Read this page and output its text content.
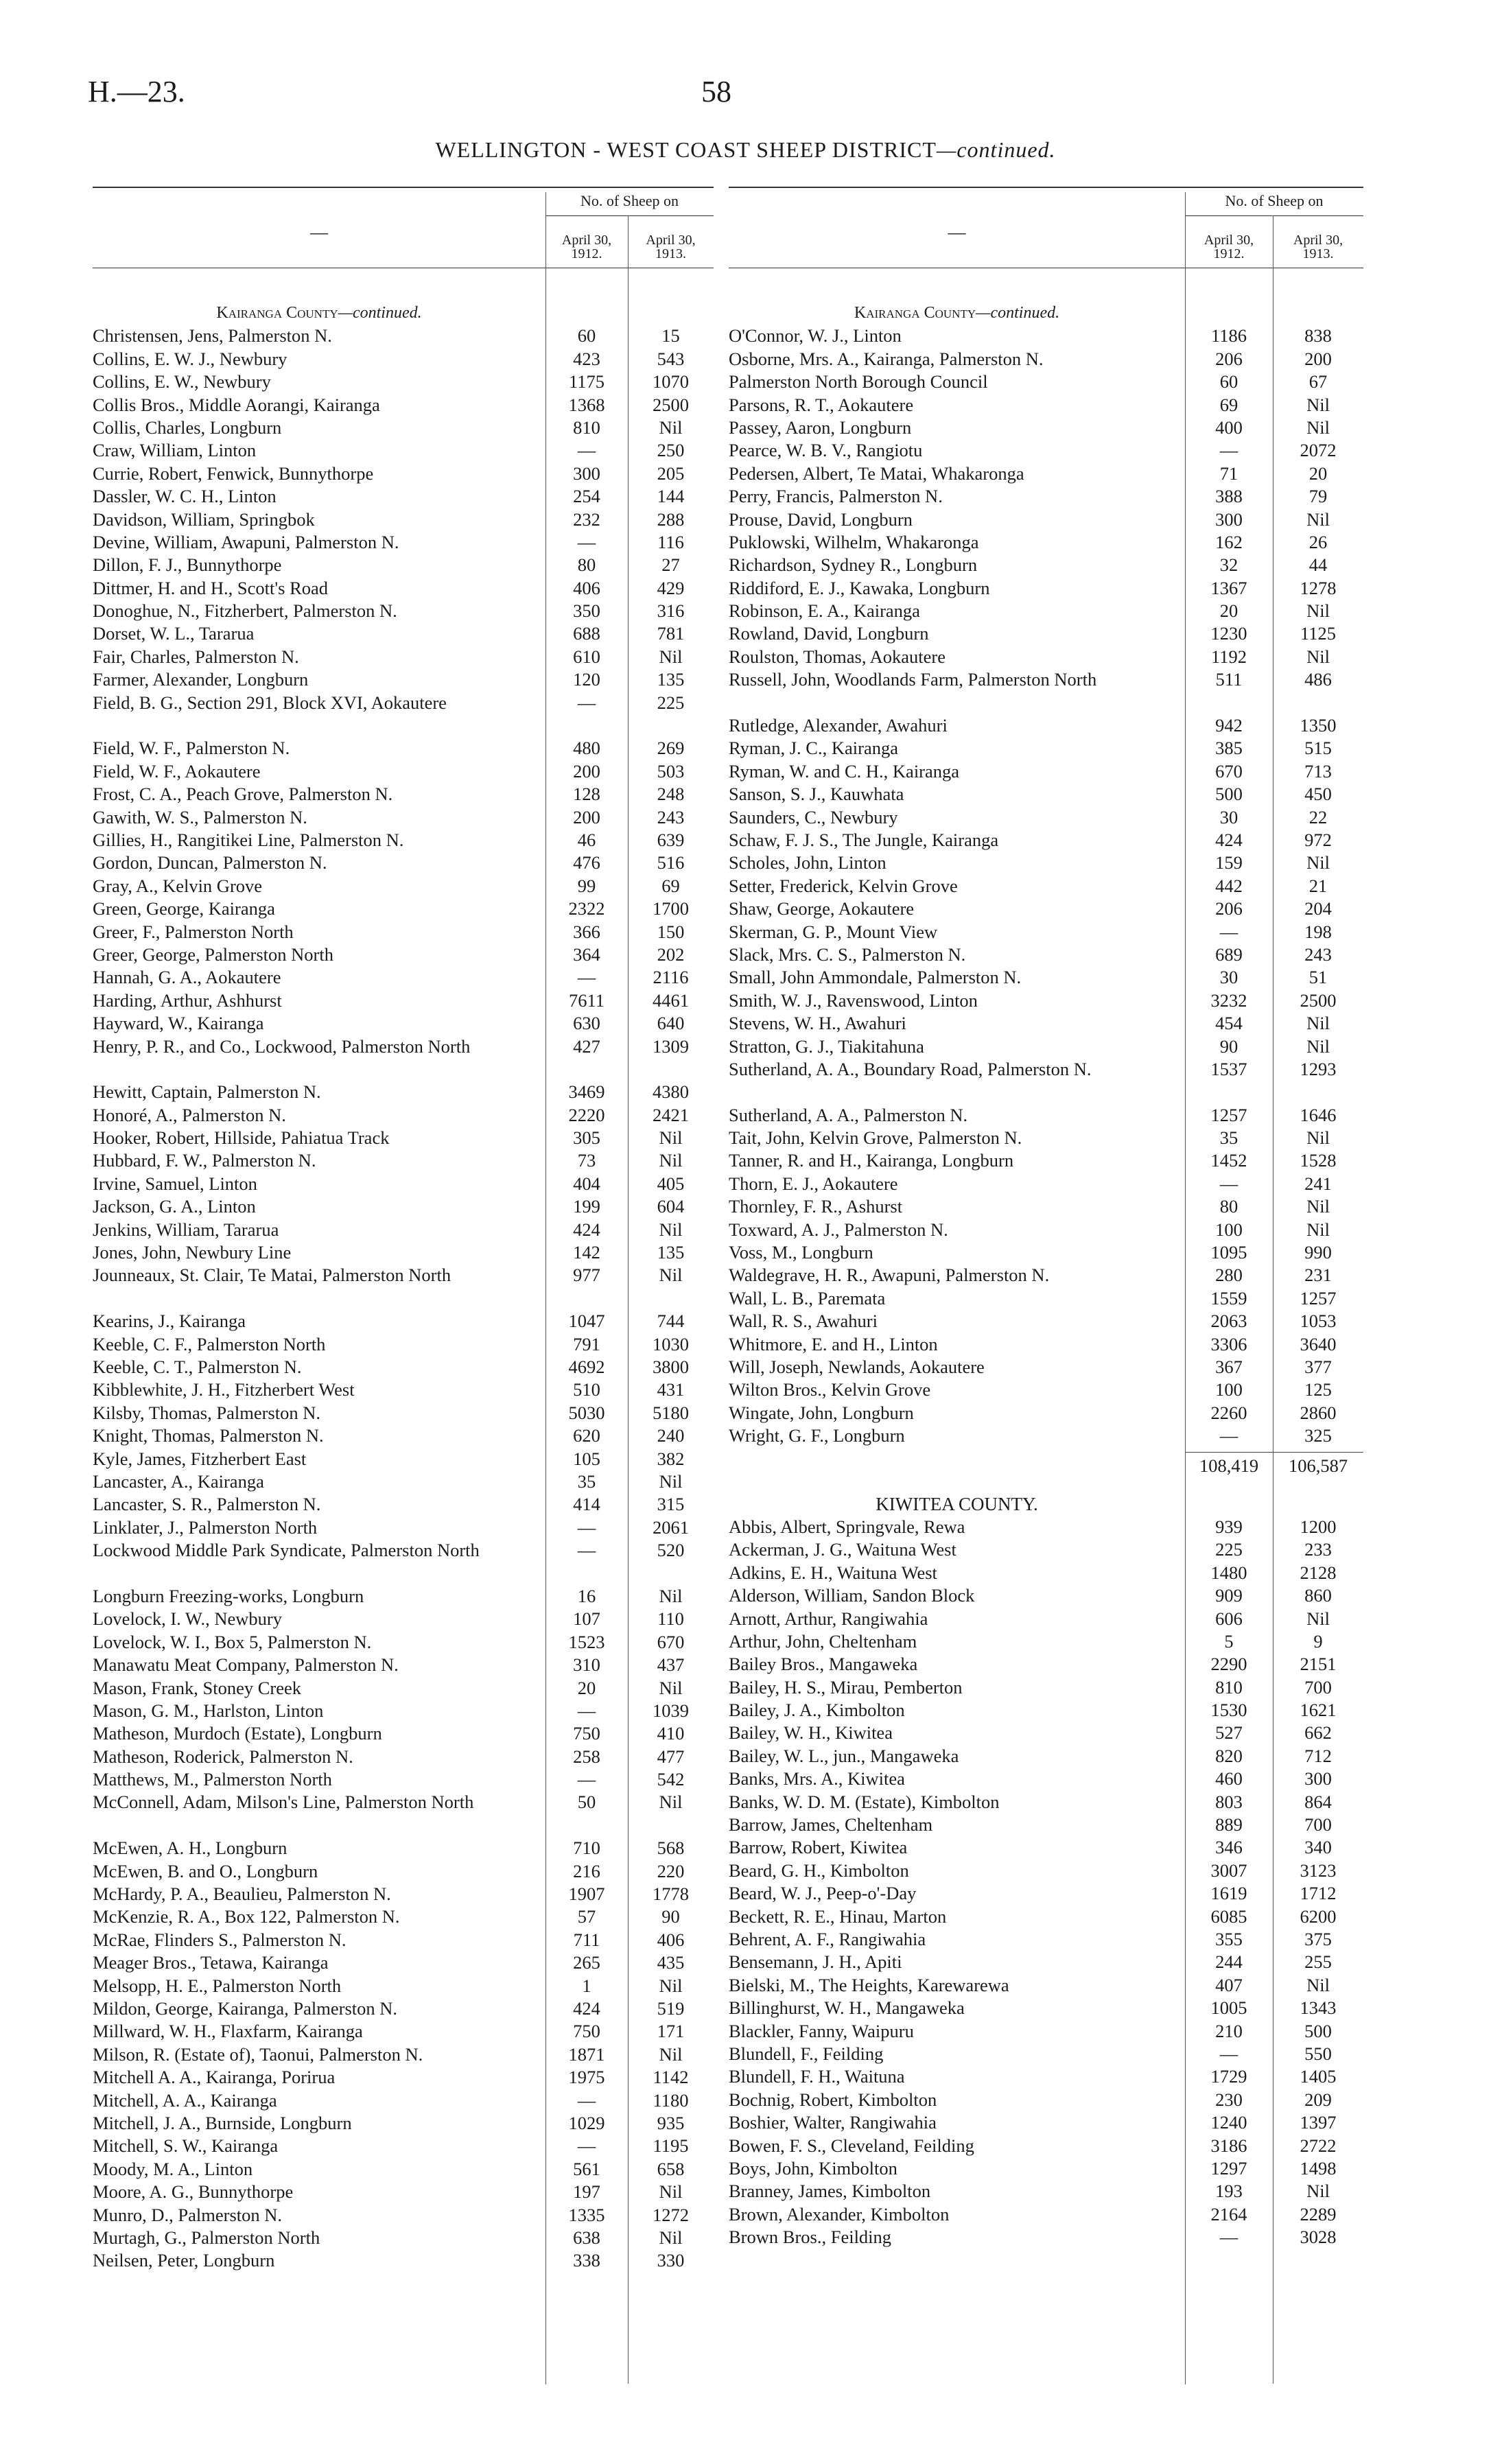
H.—23.	58
WELLINGTON - WEST COAST SHEEP DISTRICT—continued.
No. of Sheep on
—	April 30,
1912.
April 30,
1913.
Kairanga County—continued.
Christensen, Jens, Palmerston N.	60	15
Collins, E. W. J., Newbury	423	543
Collins, E. W., Newbury	1175	1070
Collis Bros., Middle Aorangi, Kairanga	1368	2500
Collis, Charles, Longburn	810	Nil
Craw, William, Linton	—	250
Currie, Robert, Fenwick, Bunnythorpe	300	205
Dassler, W. C. H., Linton	254	144
Davidson, William, Springbok	232	288
Devine, William, Awapuni, Palmerston N.	—	116
Dillon, F. J., Bunnythorpe	80	27
Dittmer, H. and H., Scott's Road	406	429
Donoghue, N., Fitzherbert, Palmerston N.	350	316
Dorset, W. L., Tararua	688	781
Fair, Charles, Palmerston N.	610	Nil
Farmer, Alexander, Longburn	120	135
Field, B. G., Section 291, Block XVI, Aokautere	—	225
Field, W. F., Palmerston N.	480	269
Field, W. F., Aokautere	200	503
Frost, C. A., Peach Grove, Palmerston N.	128	248
Gawith, W. S., Palmerston N.	200	243
Gillies, H., Rangitikei Line, Palmerston N.	46	639
Gordon, Duncan, Palmerston N.	476	516
Gray, A., Kelvin Grove	99	69
Green, George, Kairanga	2322	1700
Greer, F., Palmerston North	366	150
Greer, George, Palmerston North	364	202
Hannah, G. A., Aokautere	—	2116
Harding, Arthur, Ashhurst	7611	4461
Hayward, W., Kairanga	630	640
Henry, P. R., and Co., Lockwood, Palmerston North	427	1309
Hewitt, Captain, Palmerston N.	3469	4380
Honoré, A., Palmerston N.	2220	2421
Hooker, Robert, Hillside, Pahiatua Track	305	Nil
Hubbard, F. W., Palmerston N.	73	Nil
Irvine, Samuel, Linton	404	405
Jackson, G. A., Linton	199	604
Jenkins, William, Tararua	424	Nil
Jones, John, Newbury Line	142	135
Jounneaux, St. Clair, Te Matai, Palmerston North	977	Nil
Kearins, J., Kairanga	1047	744
Keeble, C. F., Palmerston North	791	1030
Keeble, C. T., Palmerston N.	4692	3800
Kibblewhite, J. H., Fitzherbert West	510	431
Kilsby, Thomas, Palmerston N.	5030	5180
Knight, Thomas, Palmerston N.	620	240
Kyle, James, Fitzherbert East	105	382
Lancaster, A., Kairanga	35	Nil
Lancaster, S. R., Palmerston N.	414	315
Linklater, J., Palmerston North	—	2061
Lockwood Middle Park Syndicate, Palmerston North	—	520
Longburn Freezing-works, Longburn	16	Nil
Lovelock, I. W., Newbury	107	110
Lovelock, W. I., Box 5, Palmerston N.	1523	670
Manawatu Meat Company, Palmerston N.	310	437
Mason, Frank, Stoney Creek	20	Nil
Mason, G. M., Harlston, Linton	—	1039
Matheson, Murdoch (Estate), Longburn	750	410
Matheson, Roderick, Palmerston N.	258	477
Matthews, M., Palmerston North	—	542
McConnell, Adam, Milson's Line, Palmerston North	50	Nil
McEwen, A. H., Longburn	710	568
McEwen, B. and O., Longburn	216	220
McHardy, P. A., Beaulieu, Palmerston N.	1907	1778
McKenzie, R. A., Box 122, Palmerston N.	57	90
McRae, Flinders S., Palmerston N.	711	406
Meager Bros., Tetawa, Kairanga	265	435
Melsopp, H. E., Palmerston North	1	Nil
Mildon, George, Kairanga, Palmerston N.	424	519
Millward, W. H., Flaxfarm, Kairanga	750	171
Milson, R. (Estate of), Taonui, Palmerston N.	1871	Nil
Mitchell A. A., Kairanga, Porirua	1975	1142
Mitchell, A. A., Kairanga	—	1180
Mitchell, J. A., Burnside, Longburn	1029	935
Mitchell, S. W., Kairanga	—	1195
Moody, M. A., Linton	561	658
Moore, A. G., Bunnythorpe	197	Nil
Munro, D., Palmerston N.	1335	1272
Murtagh, G., Palmerston North	638	Nil
Neilsen, Peter, Longburn	338	330
No. of Sheep on
—	April 30,
1912.
April 30,
1913.
Kairanga County—continued.
O'Connor, W. J., Linton	1186	838
Osborne, Mrs. A., Kairanga, Palmerston N.	206	200
Palmerston North Borough Council	60	67
Parsons, R. T., Aokautere	69	Nil
Passey, Aaron, Longburn	400	Nil
Pearce, W. B. V., Rangiotu	—	2072
Pedersen, Albert, Te Matai, Whakaronga	71	20
Perry, Francis, Palmerston N.	388	79
Prouse, David, Longburn	300	Nil
Puklowski, Wilhelm, Whakaronga	162	26
Richardson, Sydney R., Longburn	32	44
Riddiford, E. J., Kawaka, Longburn	1367	1278
Robinson, E. A., Kairanga	20	Nil
Rowland, David, Longburn	1230	1125
Roulston, Thomas, Aokautere	1192	Nil
Russell, John, Woodlands Farm, Palmerston North	511	486
Rutledge, Alexander, Awahuri	942	1350
Ryman, J. C., Kairanga	385	515
Ryman, W. and C. H., Kairanga	670	713
Sanson, S. J., Kauwhata	500	450
Saunders, C., Newbury	30	22
Schaw, F. J. S., The Jungle, Kairanga	424	972
Scholes, John, Linton	159	Nil
Setter, Frederick, Kelvin Grove	442	21
Shaw, George, Aokautere	206	204
Skerman, G. P., Mount View	—	198
Slack, Mrs. C. S., Palmerston N.	689	243
Small, John Ammondale, Palmerston N.	30	51
Smith, W. J., Ravenswood, Linton	3232	2500
Stevens, W. H., Awahuri	454	Nil
Stratton, G. J., Tiakitahuna	90	Nil
Sutherland, A. A., Boundary Road, Palmerston N.	1537	1293
Sutherland, A. A., Palmerston N.	1257	1646
Tait, John, Kelvin Grove, Palmerston N.	35	Nil
Tanner, R. and H., Kairanga, Longburn	1452	1528
Thorn, E. J., Aokautere	—	241
Thornley, F. R., Ashurst	80	Nil
Toxward, A. J., Palmerston N.	100	Nil
Voss, M., Longburn	1095	990
Waldegrave, H. R., Awapuni, Palmerston N.	280	231
Wall, L. B., Paremata	1559	1257
Wall, R. S., Awahuri	2063	1053
Whitmore, E. and H., Linton	3306	3640
Will, Joseph, Newlands, Aokautere	367	377
Wilton Bros., Kelvin Grove	100	125
Wingate, John, Longburn	2260	2860
Wright, G. F., Longburn	—	325
108,419	106,587
KIWITEA COUNTY.
Abbis, Albert, Springvale, Rewa	939	1200
Ackerman, J. G., Waituna West	225	233
Adkins, E. H., Waituna West	1480	2128
Alderson, William, Sandon Block	909	860
Arnott, Arthur, Rangiwahia	606	Nil
Arthur, John, Cheltenham	5	9
Bailey Bros., Mangaweka	2290	2151
Bailey, H. S., Mirau, Pemberton	810	700
Bailey, J. A., Kimbolton	1530	1621
Bailey, W. H., Kiwitea	527	662
Bailey, W. L., jun., Mangaweka	820	712
Banks, Mrs. A., Kiwitea	460	300
Banks, W. D. M. (Estate), Kimbolton	803	864
Barrow, James, Cheltenham	889	700
Barrow, Robert, Kiwitea	346	340
Beard, G. H., Kimbolton	3007	3123
Beard, W. J., Peep-o'-Day	1619	1712
Beckett, R. E., Hinau, Marton	6085	6200
Behrent, A. F., Rangiwahia	355	375
Bensemann, J. H., Apiti	244	255
Bielski, M., The Heights, Karewarewa	407	Nil
Billinghurst, W. H., Mangaweka	1005	1343
Blackler, Fanny, Waipuru	210	500
Blundell, F., Feilding	—	550
Blundell, F. H., Waituna	1729	1405
Bochnig, Robert, Kimbolton	230	209
Boshier, Walter, Rangiwahia	1240	1397
Bowen, F. S., Cleveland, Feilding	3186	2722
Boys, John, Kimbolton	1297	1498
Branney, James, Kimbolton	193	Nil
Brown, Alexander, Kimbolton	2164	2289
Brown Bros., Feilding	—	3028
